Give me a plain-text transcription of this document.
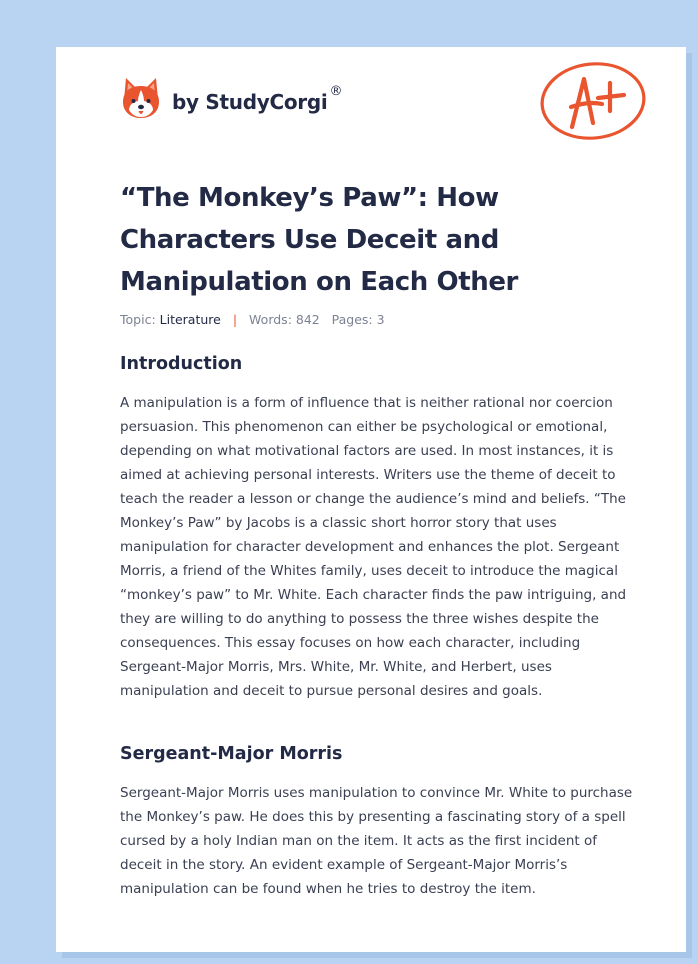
by StudyCorgi ®
“The Monkey’s Paw”: How Characters Use Deceit and Manipulation on Each Other
Topic: Literature | Words: 842 Pages: 3
Introduction

A manipulation is a form of influence that is neither rational nor coercion persuasion. This phenomenon can either be psychological or emotional, depending on what motivational factors are used. In most instances, it is aimed at achieving personal interests. Writers use the theme of deceit to teach the reader a lesson or change the audience’s mind and beliefs. “The Monkey’s Paw” by Jacobs is a classic short horror story that uses manipulation for character development and enhances the plot. Sergeant Morris, a friend of the Whites family, uses deceit to introduce the magical “monkey’s paw” to Mr. White. Each character finds the paw intriguing, and they are willing to do anything to possess the three wishes despite the consequences. This essay focuses on how each character, including Sergeant-Major Morris, Mrs. White, Mr. White, and Herbert, uses manipulation and deceit to pursue personal desires and goals.

Sergeant-Major Morris

Sergeant-Major Morris uses manipulation to convince Mr. White to purchase the Monkey’s paw. He does this by presenting a fascinating story of a spell cursed by a holy Indian man on the item. It acts as the first incident of deceit in the story. An evident example of Sergeant-Major Morris’s manipulation can be found when he tries to destroy the item.
